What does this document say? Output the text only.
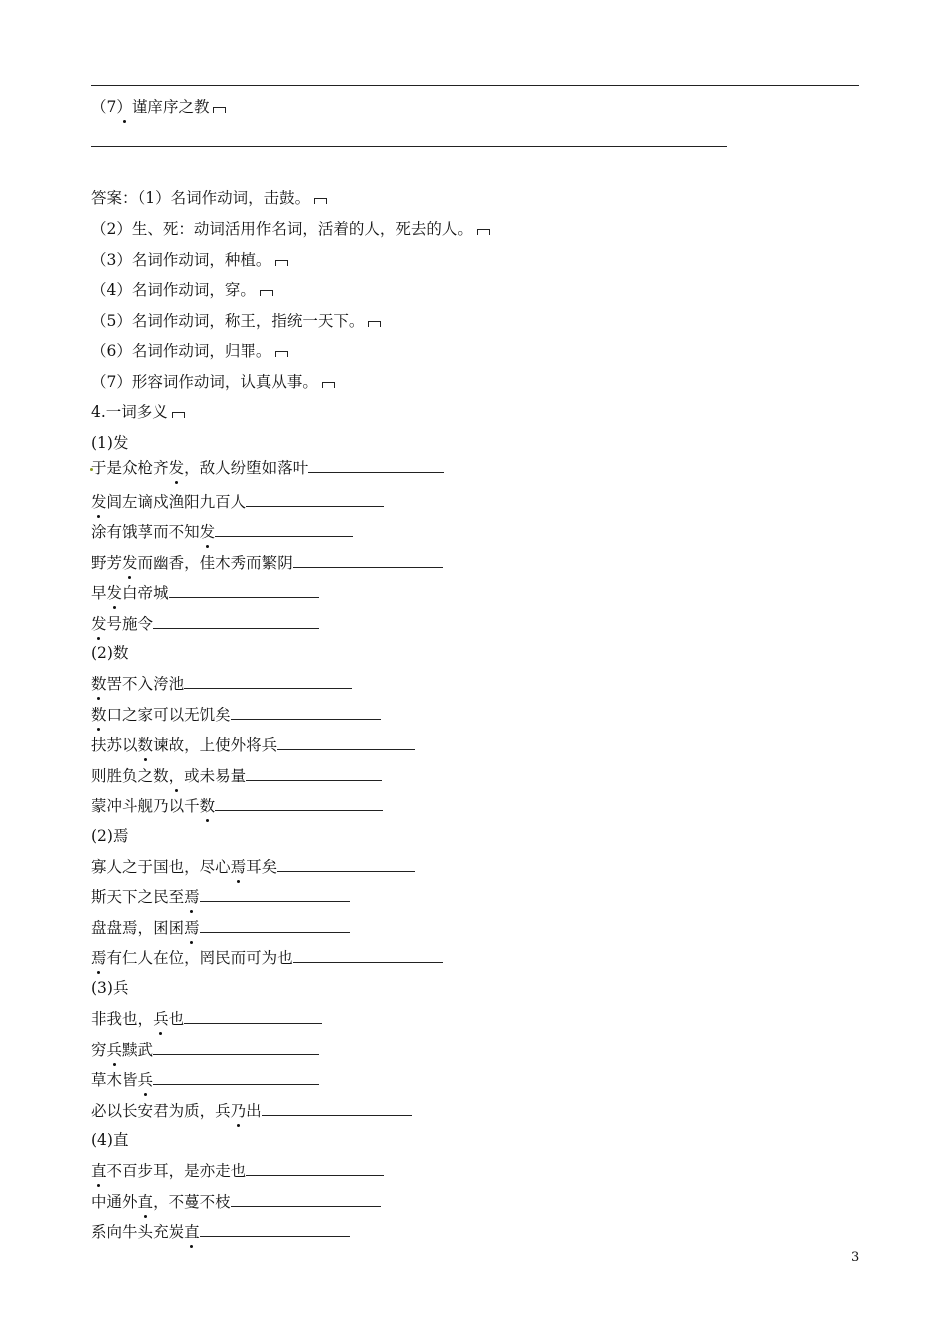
（7）谨庠序之教
答案：（1）名词作动词，击鼓。
（2）生、死：动词活用作名词，活着的人，死去的人。
（3）名词作动词，种植。
（4）名词作动词，穿。
（5）名词作动词，称王，指统一天下。
（6）名词作动词，归罪。
（7）形容词作动词，认真从事。
4.一词多义
(1)发
于是众枪齐发，敌人纷堕如落叶
发闾左谪戍渔阳九百人
涂有饿莩而不知发
野芳发而幽香，佳木秀而繁阴
早发白帝城
发号施令
(2)数
数罟不入洿池
数口之家可以无饥矣
扶苏以数谏故，上使外将兵
则胜负之数，或未易量
蒙冲斗舰乃以千数
(2)焉
寡人之于国也，尽心焉耳矣
斯天下之民至焉
盘盘焉，囷囷焉
焉有仁人在位，罔民而可为也
(3)兵
非我也，兵也
穷兵黩武
草木皆兵
必以长安君为质，兵乃出
(4)直
直不百步耳，是亦走也
中通外直，不蔓不枝
系向牛头充炭直
3
